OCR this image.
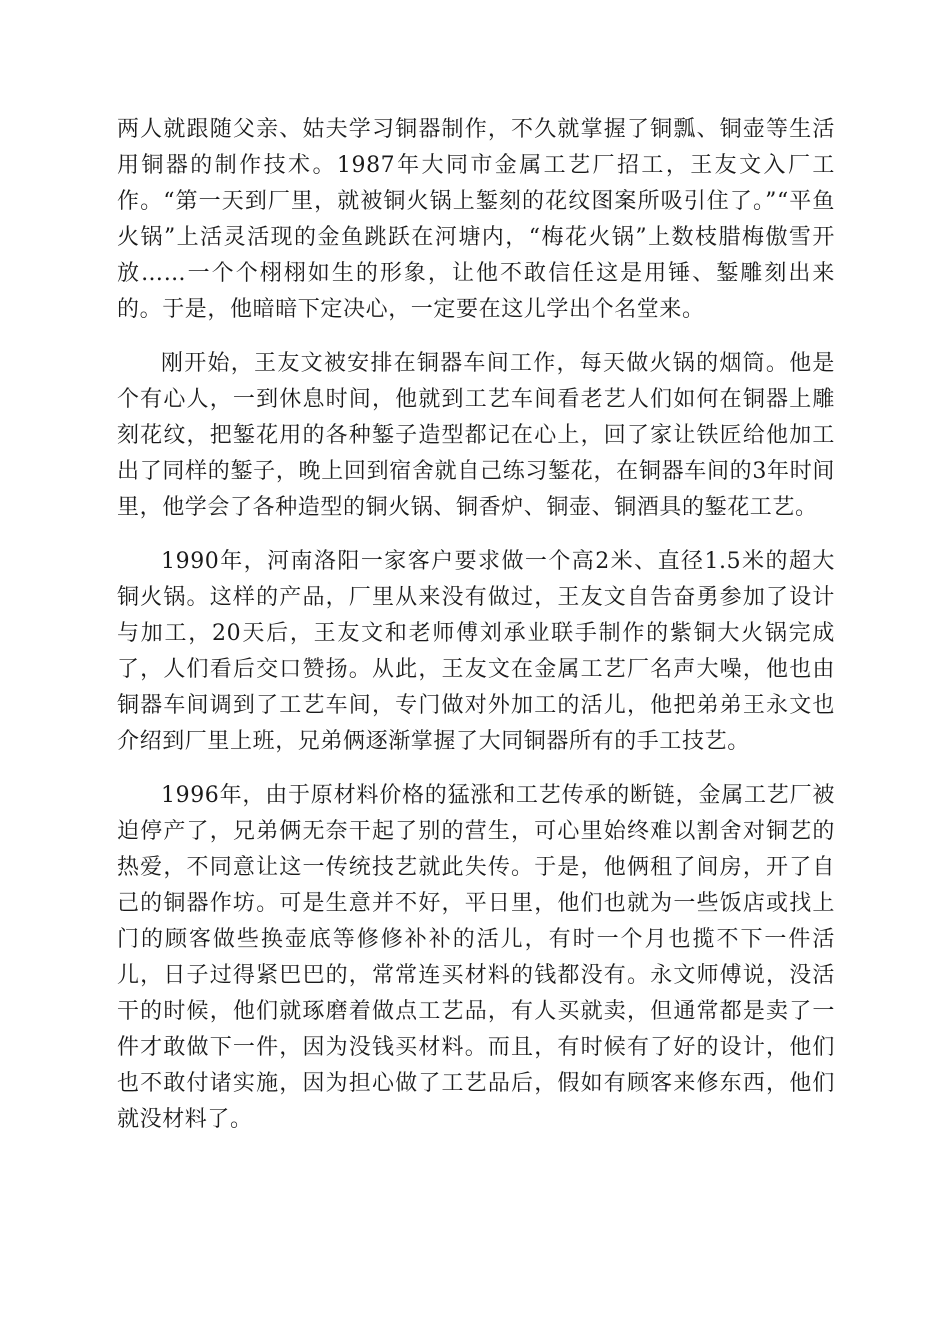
两人就跟随父亲、姑夫学习铜器制作，不久就掌握了铜瓢、铜壶等生活用铜器的制作技术。1987年大同市金属工艺厂招工，王友文入厂工作。“第一天到厂里，就被铜火锅上錾刻的花纹图案所吸引住了。”“平鱼火锅”上活灵活现的金鱼跳跃在河塘内，“梅花火锅”上数枝腊梅傲雪开放……一个个栩栩如生的形象，让他不敢信任这是用锤、錾雕刻出来的。于是，他暗暗下定决心，一定要在这儿学出个名堂来。

刚开始，王友文被安排在铜器车间工作，每天做火锅的烟筒。他是个有心人，一到休息时间，他就到工艺车间看老艺人们如何在铜器上雕刻花纹，把錾花用的各种錾子造型都记在心上，回了家让铁匠给他加工出了同样的錾子，晚上回到宿舍就自己练习錾花，在铜器车间的3年时间里，他学会了各种造型的铜火锅、铜香炉、铜壶、铜酒具的錾花工艺。

1990年，河南洛阳一家客户要求做一个高2米、直径1.5米的超大铜火锅。这样的产品，厂里从来没有做过，王友文自告奋勇参加了设计与加工，20天后，王友文和老师傅刘承业联手制作的紫铜大火锅完成了，人们看后交口赞扬。从此，王友文在金属工艺厂名声大噪，他也由铜器车间调到了工艺车间，专门做对外加工的活儿，他把弟弟王永文也介绍到厂里上班，兄弟俩逐渐掌握了大同铜器所有的手工技艺。

1996年，由于原材料价格的猛涨和工艺传承的断链，金属工艺厂被迫停产了，兄弟俩无奈干起了别的营生，可心里始终难以割舍对铜艺的热爱，不同意让这一传统技艺就此失传。于是，他俩租了间房，开了自己的铜器作坊。可是生意并不好，平日里，他们也就为一些饭店或找上门的顾客做些换壶底等修修补补的活儿，有时一个月也揽不下一件活儿，日子过得紧巴巴的，常常连买材料的钱都没有。永文师傅说，没活干的时候，他们就琢磨着做点工艺品，有人买就卖，但通常都是卖了一件才敢做下一件，因为没钱买材料。而且，有时候有了好的设计，他们也不敢付诸实施，因为担心做了工艺品后，假如有顾客来修东西，他们就没材料了。
